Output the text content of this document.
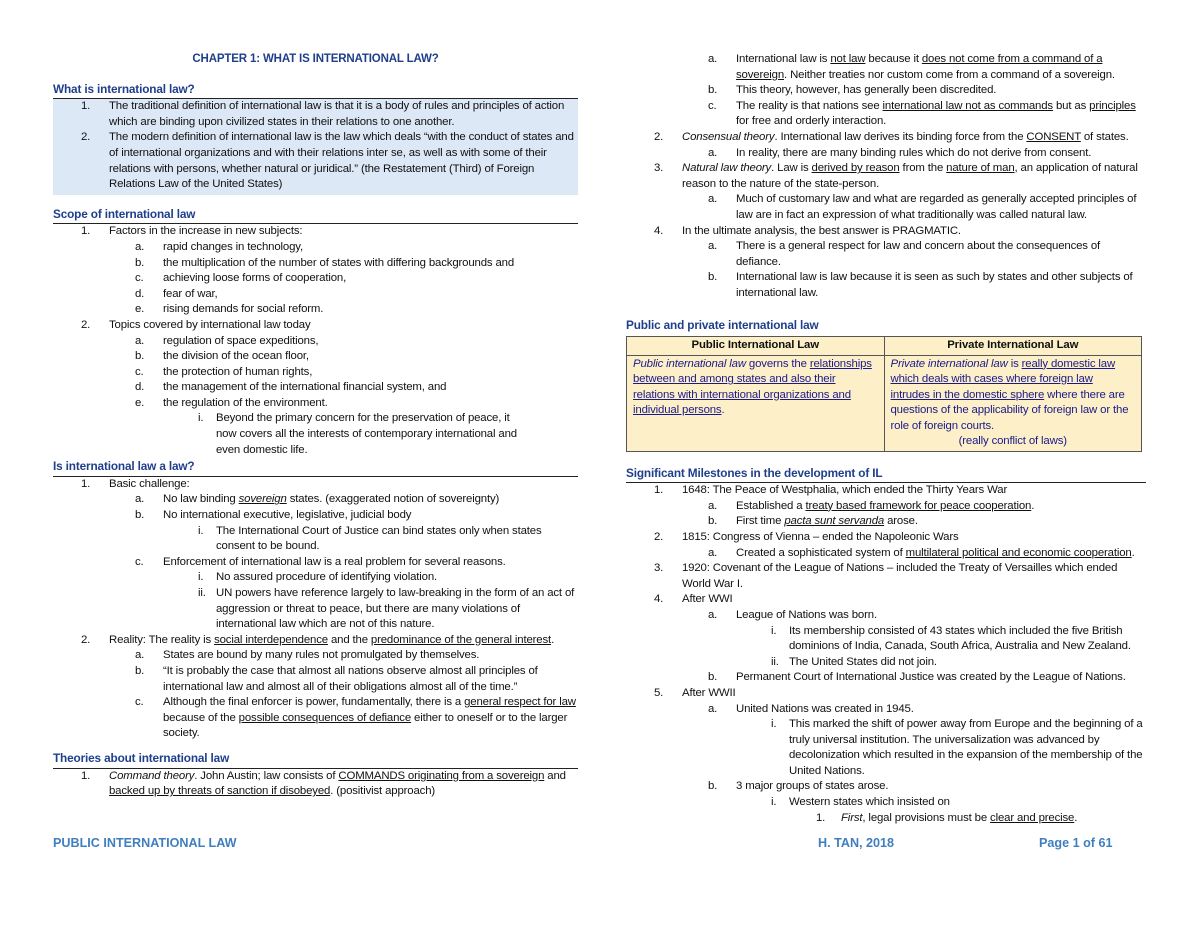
CHAPTER 1: WHAT IS INTERNATIONAL LAW?
What is international law?
1. The traditional definition of international law is that it is a body of rules and principles of action which are binding upon civilized states in their relations to one another.
2. The modern definition of international law is the law which deals “with the conduct of states and of international organizations and with their relations inter se, as well as with some of their relations with persons, whether natural or juridical.” (the Restatement (Third) of Foreign Relations Law of the United States)
Scope of international law
1. Factors in the increase in new subjects:
a. rapid changes in technology,
b. the multiplication of the number of states with differing backgrounds and
c. achieving loose forms of cooperation,
d. fear of war,
e. rising demands for social reform.
2. Topics covered by international law today
a. regulation of space expeditions,
b. the division of the ocean floor,
c. the protection of human rights,
d. the management of the international financial system, and
e. the regulation of the environment.
i. Beyond the primary concern for the preservation of peace, it now covers all the interests of contemporary international and even domestic life.
Is international law a law?
1. Basic challenge:
a. No law binding sovereign states. (exaggerated notion of sovereignty)
b. No international executive, legislative, judicial body
i. The International Court of Justice can bind states only when states consent to be bound.
c. Enforcement of international law is a real problem for several reasons.
i. No assured procedure of identifying violation.
ii. UN powers have reference largely to law-breaking in the form of an act of aggression or threat to peace, but there are many violations of international law which are not of this nature.
2. Reality: The reality is social interdependence and the predominance of the general interest.
a. States are bound by many rules not promulgated by themselves.
b. “It is probably the case that almost all nations observe almost all principles of international law and almost all of their obligations almost all of the time.”
c. Although the final enforcer is power, fundamentally, there is a general respect for law because of the possible consequences of defiance either to oneself or to the larger society.
Theories about international law
1. Command theory. John Austin; law consists of COMMANDS originating from a sovereign and backed up by threats of sanction if disobeyed. (positivist approach)
a. International law is not law because it does not come from a command of a sovereign. Neither treaties nor custom come from a command of a sovereign.
b. This theory, however, has generally been discredited.
c. The reality is that nations see international law not as commands but as principles for free and orderly interaction.
2. Consensual theory. International law derives its binding force from the CONSENT of states.
a. In reality, there are many binding rules which do not derive from consent.
3. Natural law theory. Law is derived by reason from the nature of man, an application of natural reason to the nature of the state-person.
a. Much of customary law and what are regarded as generally accepted principles of law are in fact an expression of what traditionally was called natural law.
4. In the ultimate analysis, the best answer is PRAGMATIC.
a. There is a general respect for law and concern about the consequences of defiance.
b. International law is law because it is seen as such by states and other subjects of international law.
Public and private international law
Public International Law	Private International Law
Public international law governs the relationships between and among states and also their relations with international organizations and individual persons.	Private international law is really domestic law which deals with cases where foreign law intrudes in the domestic sphere where there are questions of the applicability of foreign law or the role of foreign courts.
(really conflict of laws)
Significant Milestones in the development of IL
1. 1648: The Peace of Westphalia, which ended the Thirty Years War
a. Established a treaty based framework for peace cooperation.
b. First time pacta sunt servanda arose.
2. 1815: Congress of Vienna – ended the Napoleonic Wars
a. Created a sophisticated system of multilateral political and economic cooperation.
3. 1920: Covenant of the League of Nations – included the Treaty of Versailles which ended World War I.
4. After WWI
a. League of Nations was born.
i. Its membership consisted of 43 states which included the five British dominions of India, Canada, South Africa, Australia and New Zealand.
ii. The United States did not join.
b. Permanent Court of International Justice was created by the League of Nations.
5. After WWII
a. United Nations was created in 1945.
i. This marked the shift of power away from Europe and the beginning of a truly universal institution. The universalization was advanced by decolonization which resulted in the expansion of the membership of the United Nations.
b. 3 major groups of states arose.
i. Western states which insisted on
1. First, legal provisions must be clear and precise.
PUBLIC INTERNATIONAL LAW	H. TAN, 2018	Page 1 of 61
